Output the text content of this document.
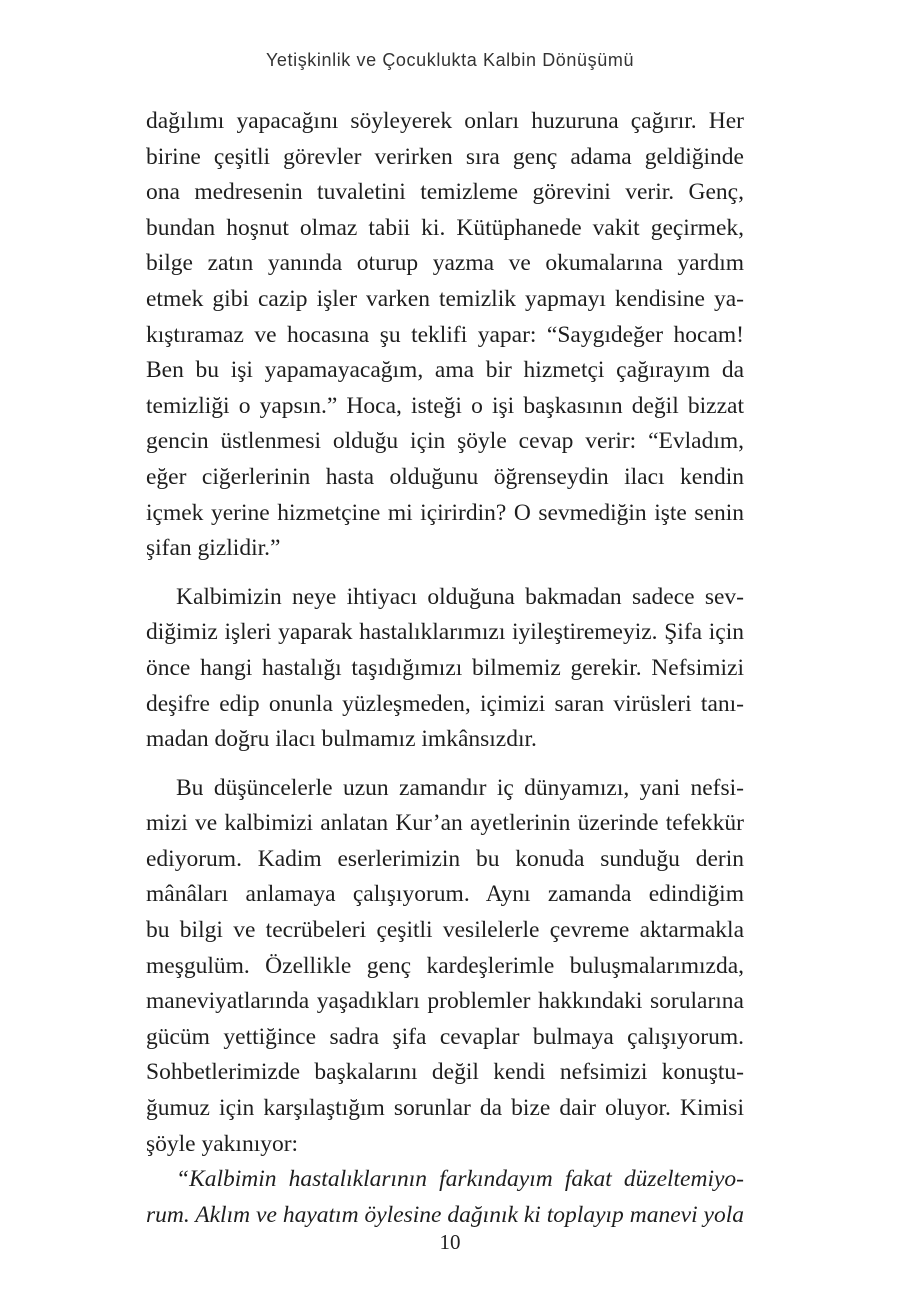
Yetişkinlik ve Çocuklukta Kalbin Dönüşümü
dağılımı yapacağını söyleyerek onları huzuruna çağırır. Her
birine çeşitli görevler verirken sıra genç adama geldiğinde
ona medresenin tuvaletini temizleme görevini verir. Genç,
bundan hoşnut olmaz tabii ki. Kütüphanede vakit geçirmek,
bilge zatın yanında oturup yazma ve okumalarına yardım
etmek gibi cazip işler varken temizlik yapmayı kendisine ya-
kıştıramaz ve hocasına şu teklifi yapar: “Saygıdeğer hocam!
Ben bu işi yapamayacağım, ama bir hizmetçi çağırayım da
temizliği o yapsın.” Hoca, isteği o işi başkasının değil bizzat
gencin üstlenmesi olduğu için şöyle cevap verir: “Evladım,
eğer ciğerlerinin hasta olduğunu öğrenseydin ilacı kendin
içmek yerine hizmetçine mi içirirdin? O sevmediğin işte senin
şifan gizlidir.”
Kalbimizin neye ihtiyacı olduğuna bakmadan sadece sev-
diğimiz işleri yaparak hastalıklarımızı iyileştiremeyiz. Şifa için
önce hangi hastalığı taşıdığımızı bilmemiz gerekir. Nefsimizi
deşifre edip onunla yüzleşmeden, içimizi saran virüsleri tanı-
madan doğru ilacı bulmamız imkânsızdır.
Bu düşüncelerle uzun zamandır iç dünyamızı, yani nefsi-
mizi ve kalbimizi anlatan Kur’an ayetlerinin üzerinde tefekkür
ediyorum. Kadim eserlerimizin bu konuda sunduğu derin
mânâları anlamaya çalışıyorum. Aynı zamanda edindiğim
bu bilgi ve tecrübeleri çeşitli vesilelerle çevreme aktarmakla
meşgulüm. Özellikle genç kardeşlerimle buluşmalarımızda,
maneviyatlarında yaşadıkları problemler hakkındaki sorularına
gücüm yettiğince sadra şifa cevaplar bulmaya çalışıyorum.
Sohbetlerimizde başkalarını değil kendi nefsimizi konuştu-
ğumuz için karşılaştığım sorunlar da bize dair oluyor. Kimisi
şöyle yakınıyor:
“Kalbimin hastalıklarının farkındayım fakat düzeltemiyo-
rum. Aklım ve hayatım öylesine dağınık ki toplayıp manevi yola
10
